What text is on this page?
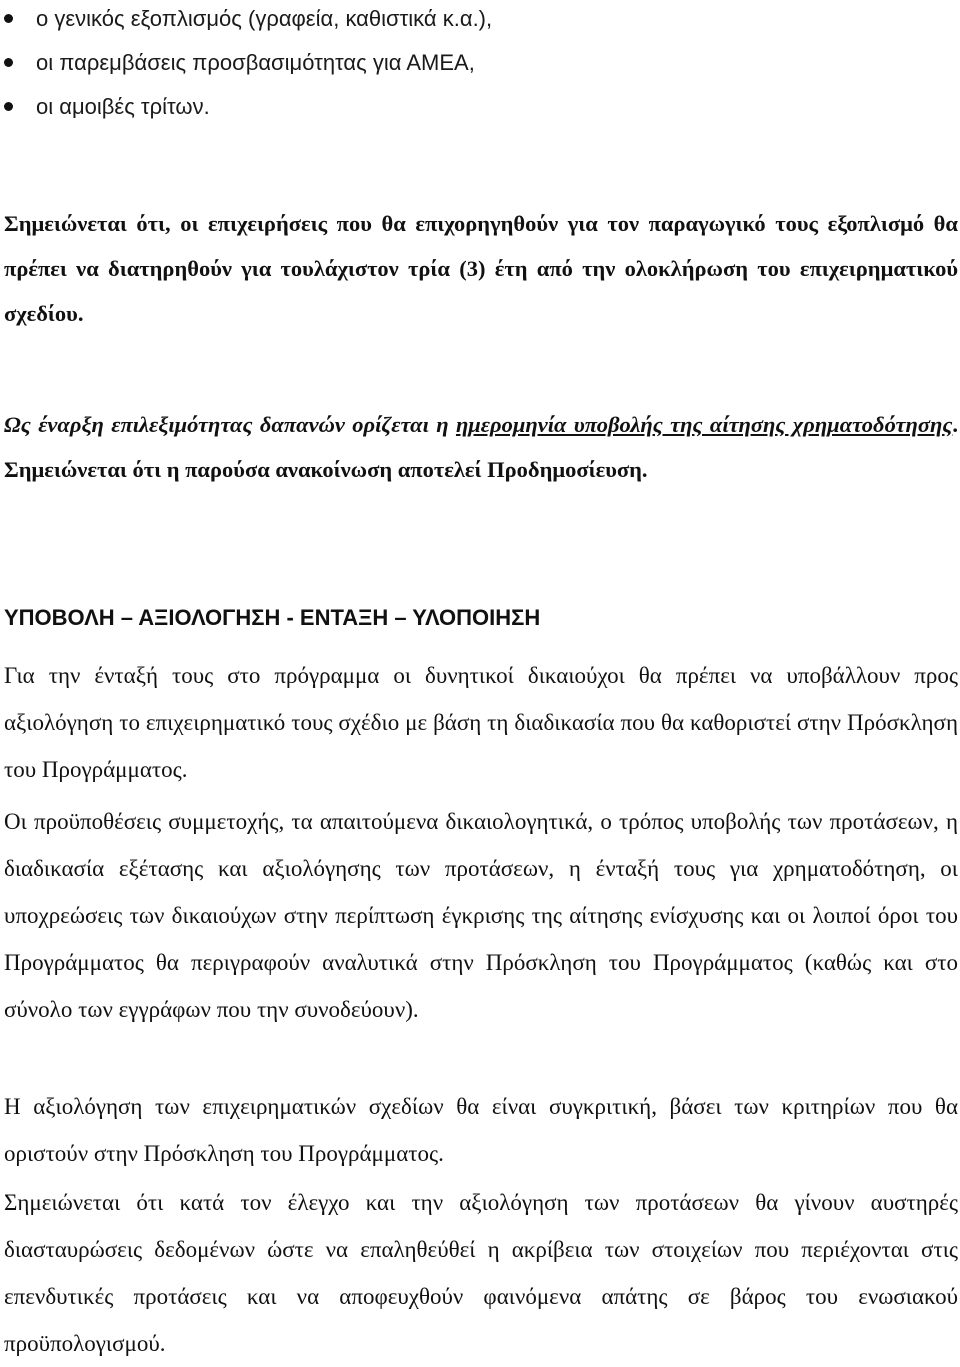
ο γενικός εξοπλισμός (γραφεία, καθιστικά κ.α.),
οι παρεμβάσεις προσβασιμότητας για ΑΜΕΑ,
οι αμοιβές τρίτων.

Σημειώνεται ότι, οι επιχειρήσεις που θα επιχορηγηθούν για τον παραγωγικό τους εξοπλισμό θα πρέπει να διατηρηθούν για τουλάχιστον τρία (3) έτη από την ολοκλήρωση του επιχειρηματικού σχεδίου.

Ως έναρξη επιλεξιμότητας δαπανών ορίζεται η ημερομηνία υποβολής της αίτησης χρηματοδότησης. Σημειώνεται ότι η παρούσα ανακοίνωση αποτελεί Προδημοσίευση.

ΥΠΟΒΟΛΗ – ΑΞΙΟΛΟΓΗΣΗ - ΕΝΤΑΞΗ – ΥΛΟΠΟΙΗΣΗ

Για την ένταξή τους στο πρόγραμμα οι δυνητικοί δικαιούχοι θα πρέπει να υποβάλλουν προς αξιολόγηση το επιχειρηματικό τους σχέδιο με βάση τη διαδικασία που θα καθοριστεί στην Πρόσκληση του Προγράμματος.

Οι προϋποθέσεις συμμετοχής, τα απαιτούμενα δικαιολογητικά, ο τρόπος υποβολής των προτάσεων, η διαδικασία εξέτασης και αξιολόγησης των προτάσεων, η ένταξή τους για χρηματοδότηση, οι υποχρεώσεις των δικαιούχων στην περίπτωση έγκρισης της αίτησης ενίσχυσης και οι λοιποί όροι του Προγράμματος θα περιγραφούν αναλυτικά στην Πρόσκληση του Προγράμματος (καθώς και στο σύνολο των εγγράφων που την συνοδεύουν).

Η αξιολόγηση των επιχειρηματικών σχεδίων θα είναι συγκριτική, βάσει των κριτηρίων που θα οριστούν στην Πρόσκληση του Προγράμματος.

Σημειώνεται ότι κατά τον έλεγχο και την αξιολόγηση των προτάσεων θα γίνουν αυστηρές διασταυρώσεις δεδομένων ώστε να επαληθεύθεί η ακρίβεια των στοιχείων που περιέχονται στις επενδυτικές προτάσεις και να αποφευχθούν φαινόμενα απάτης σε βάρος του ενωσιακού προϋπολογισμού.
